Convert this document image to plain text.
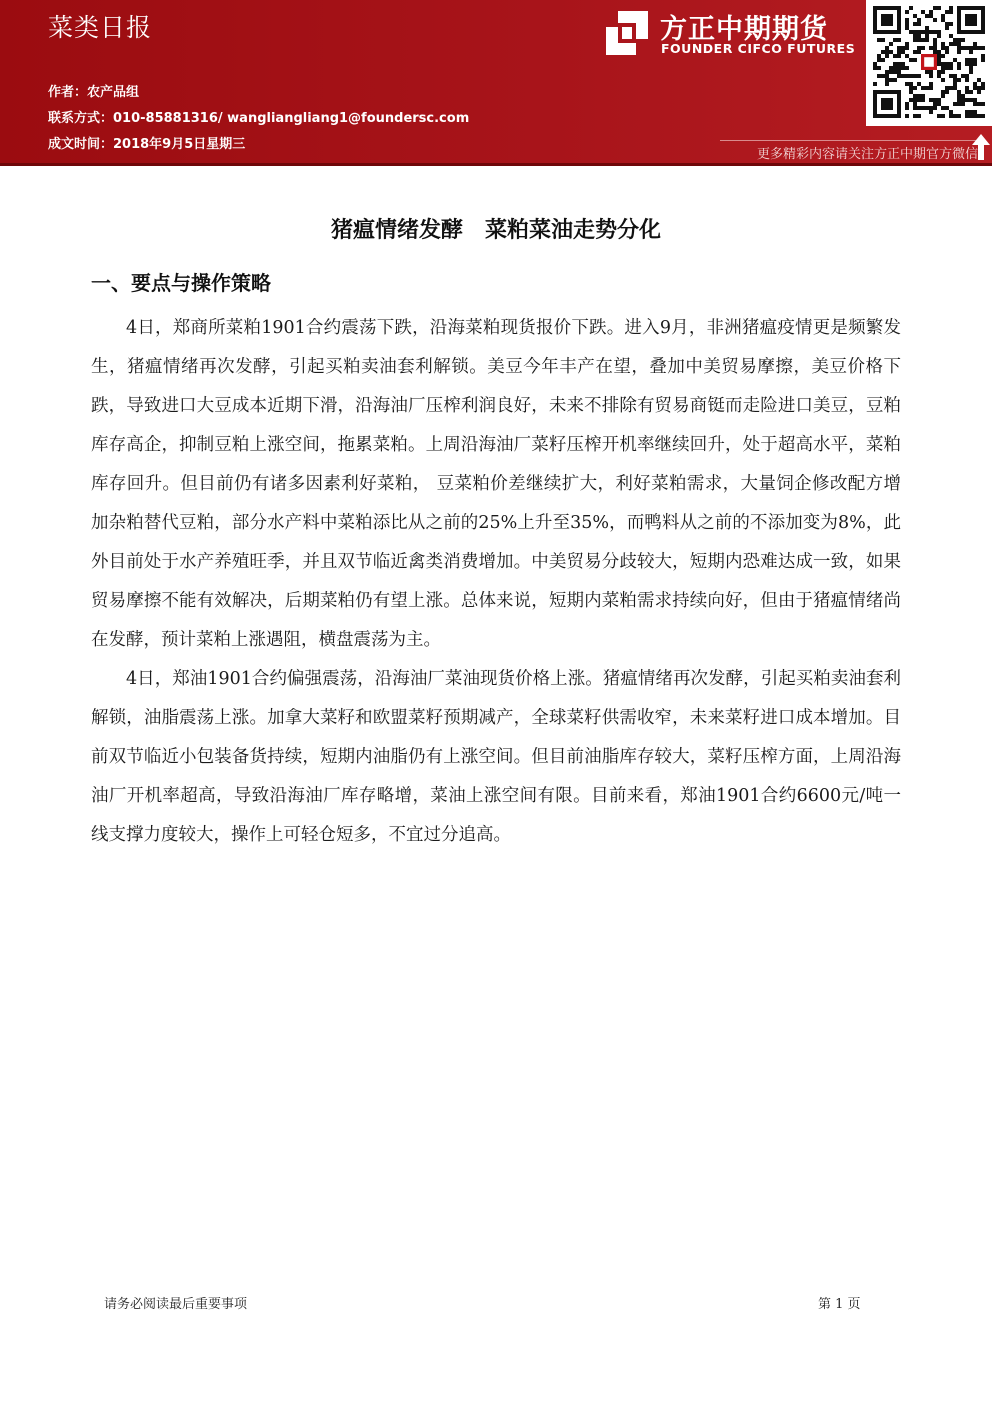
菜类日报
作者：农产品组
联系方式：010-85881316/ wangliangliang1@foundersc.com
成文时间：2018年9月5日星期三
方正中期期货
FOUNDER CIFCO FUTURES
更多精彩内容请关注方正中期官方微信
猪瘟情绪发酵　菜粕菜油走势分化
一、要点与操作策略

4日，郑商所菜粕1901合约震荡下跌，沿海菜粕现货报价下跌。进入9月，非洲猪瘟疫情更是频繁发生，猪瘟情绪再次发酵，引起买粕卖油套利解锁。美豆今年丰产在望，叠加中美贸易摩擦，美豆价格下跌，导致进口大豆成本近期下滑，沿海油厂压榨利润良好，未来不排除有贸易商铤而走险进口美豆，豆粕库存高企，抑制豆粕上涨空间，拖累菜粕。上周沿海油厂菜籽压榨开机率继续回升，处于超高水平，菜粕库存回升。但目前仍有诸多因素利好菜粕， 豆菜粕价差继续扩大，利好菜粕需求，大量饲企修改配方增加杂粕替代豆粕，部分水产料中菜粕添比从之前的25%上升至35%，而鸭料从之前的不添加变为8%，此外目前处于水产养殖旺季，并且双节临近禽类消费增加。中美贸易分歧较大，短期内恐难达成一致，如果贸易摩擦不能有效解决，后期菜粕仍有望上涨。总体来说，短期内菜粕需求持续向好，但由于猪瘟情绪尚在发酵，预计菜粕上涨遇阻，横盘震荡为主。

4日，郑油1901合约偏强震荡，沿海油厂菜油现货价格上涨。猪瘟情绪再次发酵，引起买粕卖油套利解锁，油脂震荡上涨。加拿大菜籽和欧盟菜籽预期减产，全球菜籽供需收窄，未来菜籽进口成本增加。目前双节临近小包装备货持续，短期内油脂仍有上涨空间。但目前油脂库存较大，菜籽压榨方面，上周沿海油厂开机率超高，导致沿海油厂库存略增，菜油上涨空间有限。目前来看，郑油1901合约6600元/吨一线支撑力度较大，操作上可轻仓短多，不宜过分追高。

请务必阅读最后重要事项	第 1 页
